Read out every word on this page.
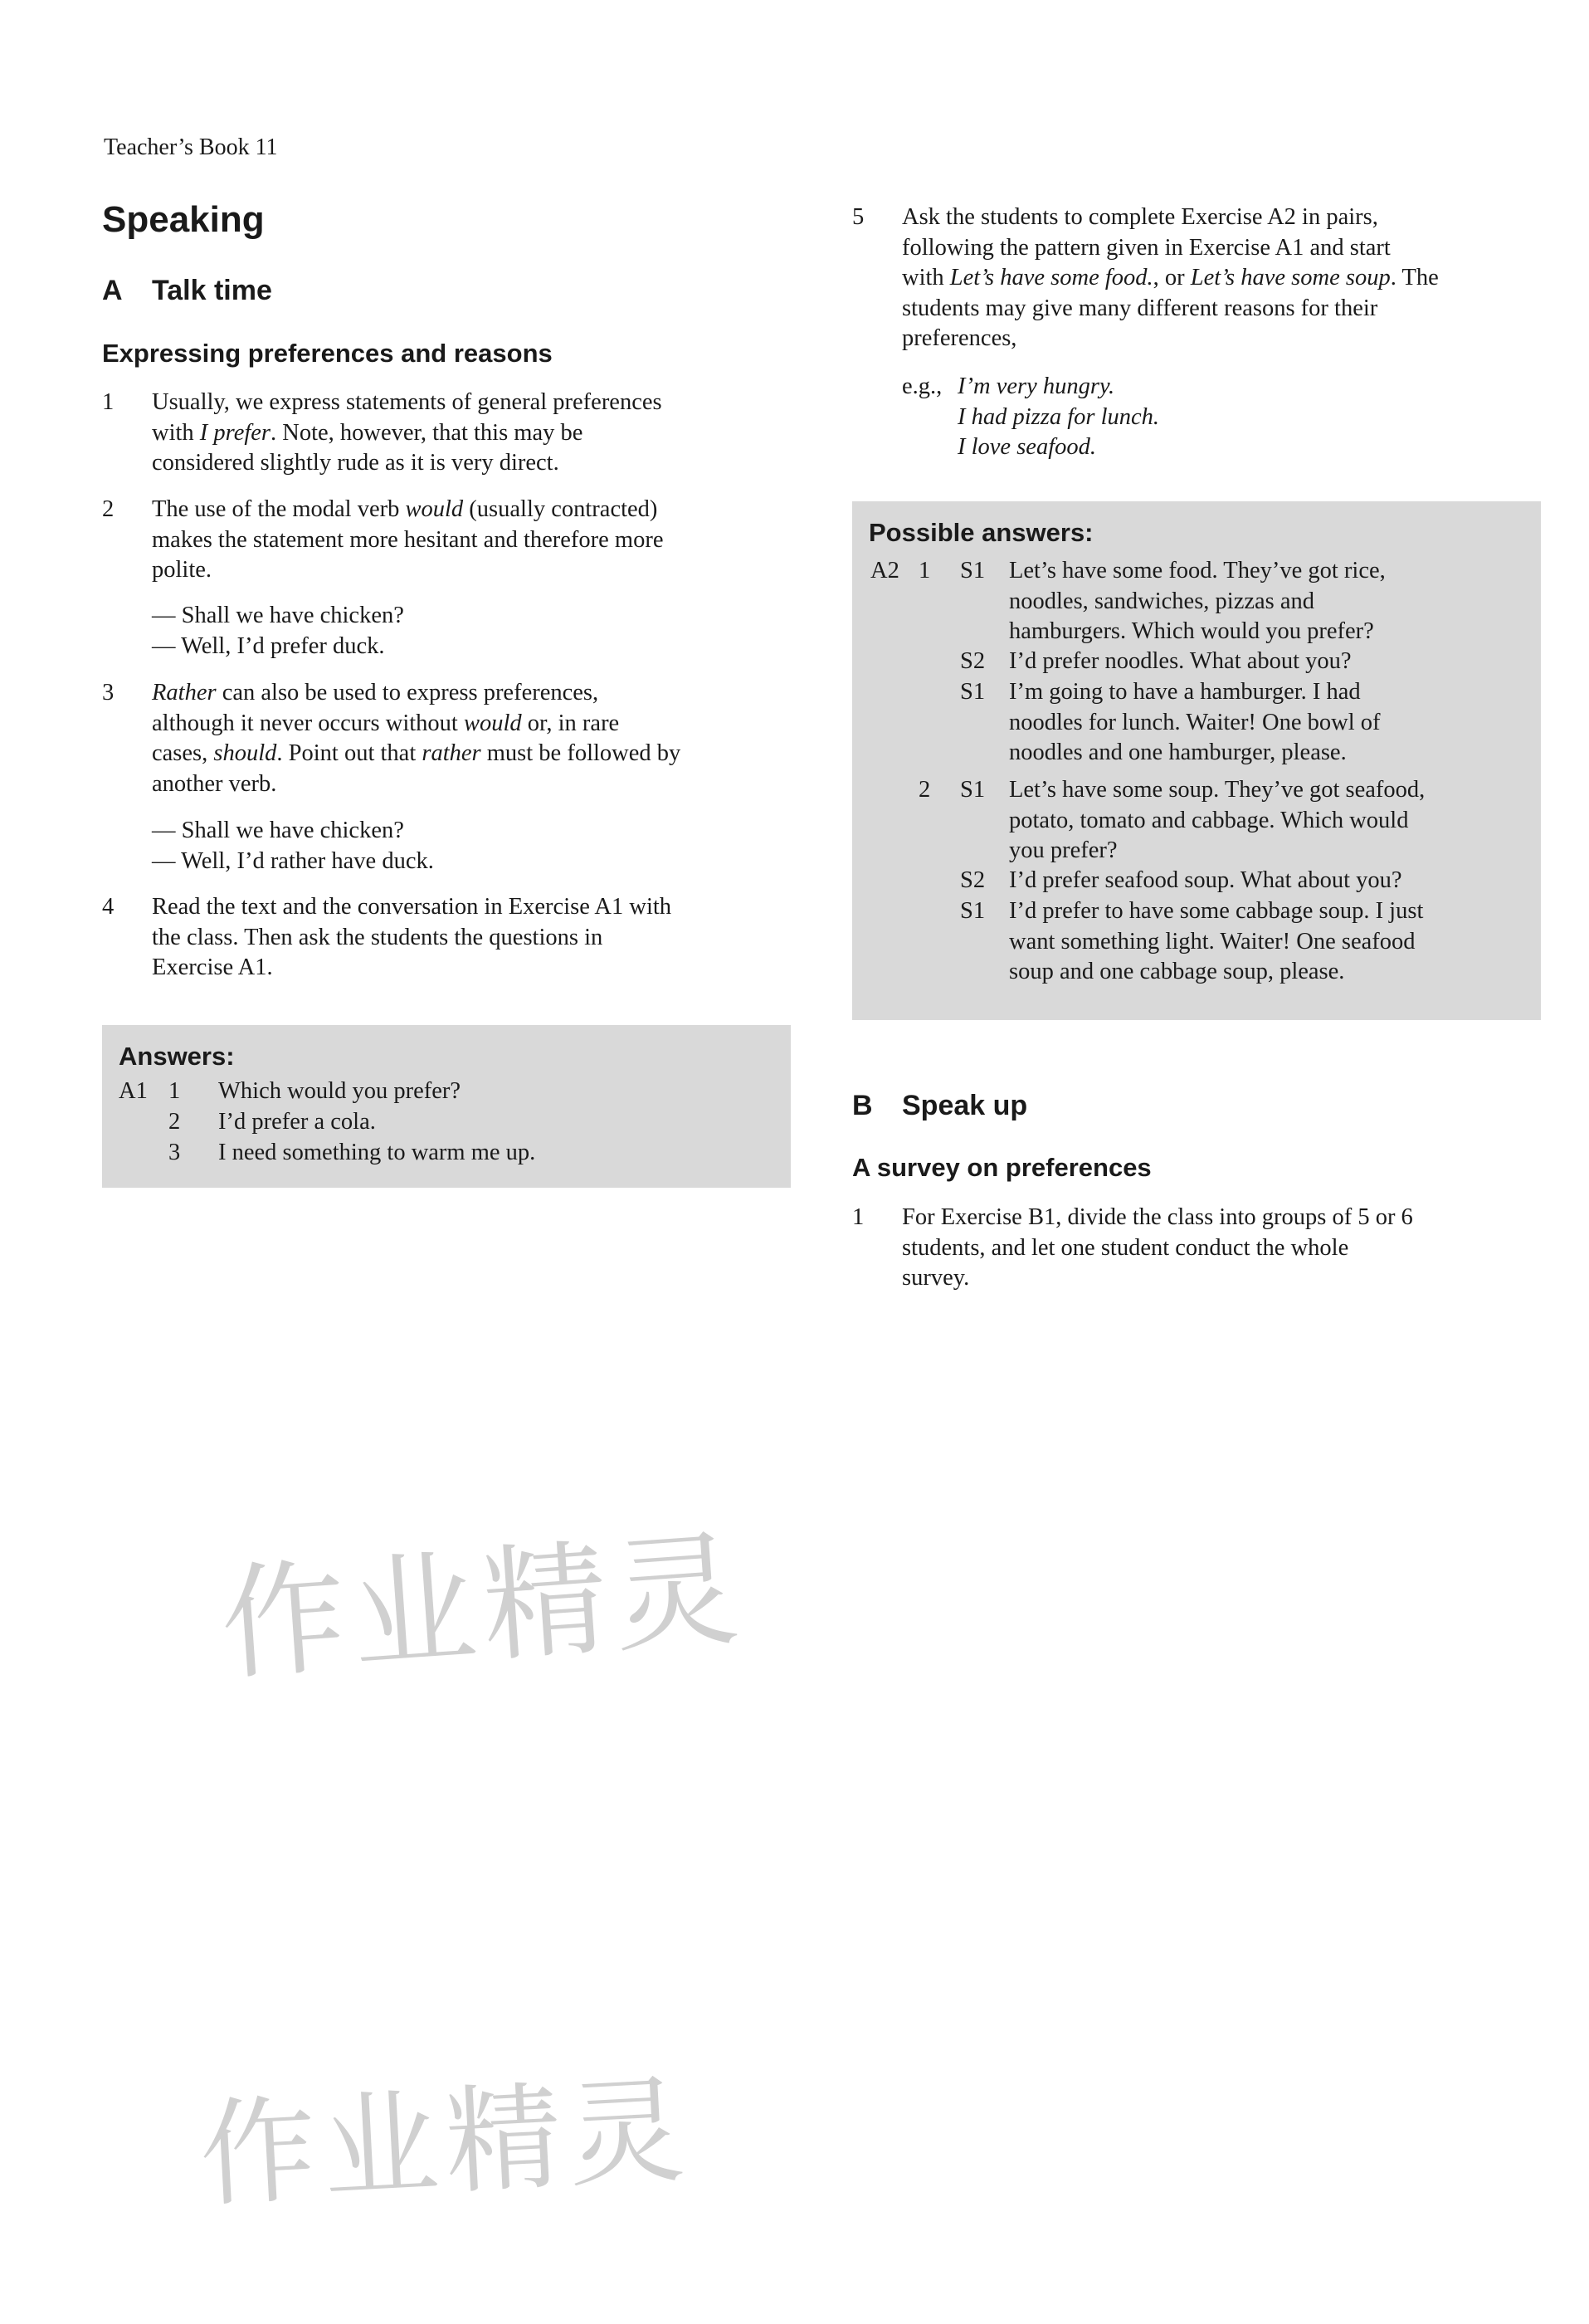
Teacher’s Book 11
Speaking
A Talk time
Expressing preferences and reasons
1 Usually, we express statements of general preferences
with I prefer. Note, however, that this may be
considered slightly rude as it is very direct.
2 The use of the modal verb would (usually contracted)
makes the statement more hesitant and therefore more
polite.
— Shall we have chicken?
— Well, I’d prefer duck.
3 Rather can also be used to express preferences,
although it never occurs without would or, in rare
cases, should. Point out that rather must be followed by
another verb.
— Shall we have chicken?
— Well, I’d rather have duck.
4 Read the text and the conversation in Exercise A1 with
the class. Then ask the students the questions in
Exercise A1.
Answers:
A1 1 Which would you prefer?
2 I’d prefer a cola.
3 I need something to warm me up.
5 Ask the students to complete Exercise A2 in pairs,
following the pattern given in Exercise A1 and start
with Let’s have some food., or Let’s have some soup. The
students may give many different reasons for their
preferences,
e.g., I’m very hungry.
I had pizza for lunch.
I love seafood.
Possible answers:
A2 1 S1 Let’s have some food. They’ve got rice,
noodles, sandwiches, pizzas and
hamburgers. Which would you prefer?
S2 I’d prefer noodles. What about you?
S1 I’m going to have a hamburger. I had
noodles for lunch. Waiter! One bowl of
noodles and one hamburger, please.
2 S1 Let’s have some soup. They’ve got seafood,
potato, tomato and cabbage. Which would
you prefer?
S2 I’d prefer seafood soup. What about you?
S1 I’d prefer to have some cabbage soup. I just
want something light. Waiter! One seafood
soup and one cabbage soup, please.
B Speak up
A survey on preferences
1 For Exercise B1, divide the class into groups of 5 or 6
students, and let one student conduct the whole
survey.
作业精灵
作业精灵
